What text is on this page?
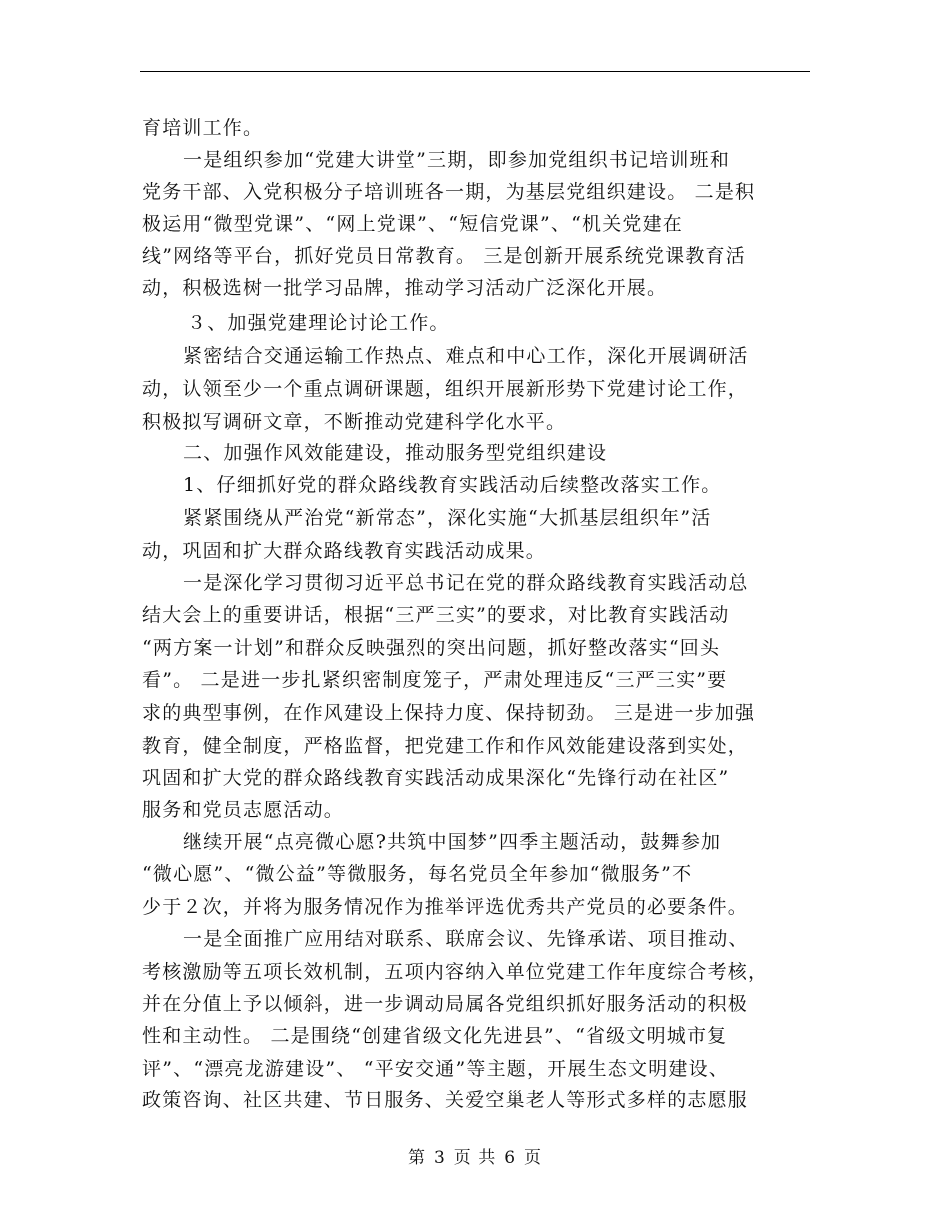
育培训工作。
一是组织参加“党建大讲堂”三期，即参加党组织书记培训班和
党务干部、入党积极分子培训班各一期，为基层党组织建设。 二是积
极运用“微型党课”、“网上党课”、“短信党课”、“机关党建在
线”网络等平台，抓好党员日常教育。 三是创新开展系统党课教育活
动，积极选树一批学习品牌，推动学习活动广泛深化开展。
３、加强党建理论讨论工作。
紧密结合交通运输工作热点、难点和中心工作，深化开展调研活
动，认领至少一个重点调研课题，组织开展新形势下党建讨论工作，
积极拟写调研文章，不断推动党建科学化水平。
二、加强作风效能建设，推动服务型党组织建设
1、仔细抓好党的群众路线教育实践活动后续整改落实工作。
紧紧围绕从严治党“新常态”，深化实施“大抓基层组织年”活
动，巩固和扩大群众路线教育实践活动成果。
一是深化学习贯彻习近平总书记在党的群众路线教育实践活动总
结大会上的重要讲话，根据“三严三实”的要求，对比教育实践活动
“两方案一计划”和群众反映强烈的突出问题，抓好整改落实“回头
看”。 二是进一步扎紧织密制度笼子，严肃处理违反“三严三实”要
求的典型事例，在作风建设上保持力度、保持韧劲。 三是进一步加强
教育，健全制度，严格监督，把党建工作和作风效能建设落到实处，
巩固和扩大党的群众路线教育实践活动成果深化“先锋行动在社区”
服务和党员志愿活动。
继续开展“点亮微心愿?共筑中国梦”四季主题活动，鼓舞参加
“微心愿”、“微公益”等微服务，每名党员全年参加“微服务”不
少于２次，并将为服务情况作为推举评选优秀共产党员的必要条件。
一是全面推广应用结对联系、联席会议、先锋承诺、项目推动、
考核激励等五项长效机制，五项内容纳入单位党建工作年度综合考核，
并在分值上予以倾斜，进一步调动局属各党组织抓好服务活动的积极
性和主动性。 二是围绕“创建省级文化先进县”、“省级文明城市复
评”、“漂亮龙游建设”、 “平安交通”等主题，开展生态文明建设、
政策咨询、社区共建、节日服务、关爱空巢老人等形式多样的志愿服
第 3 页 共 6 页
